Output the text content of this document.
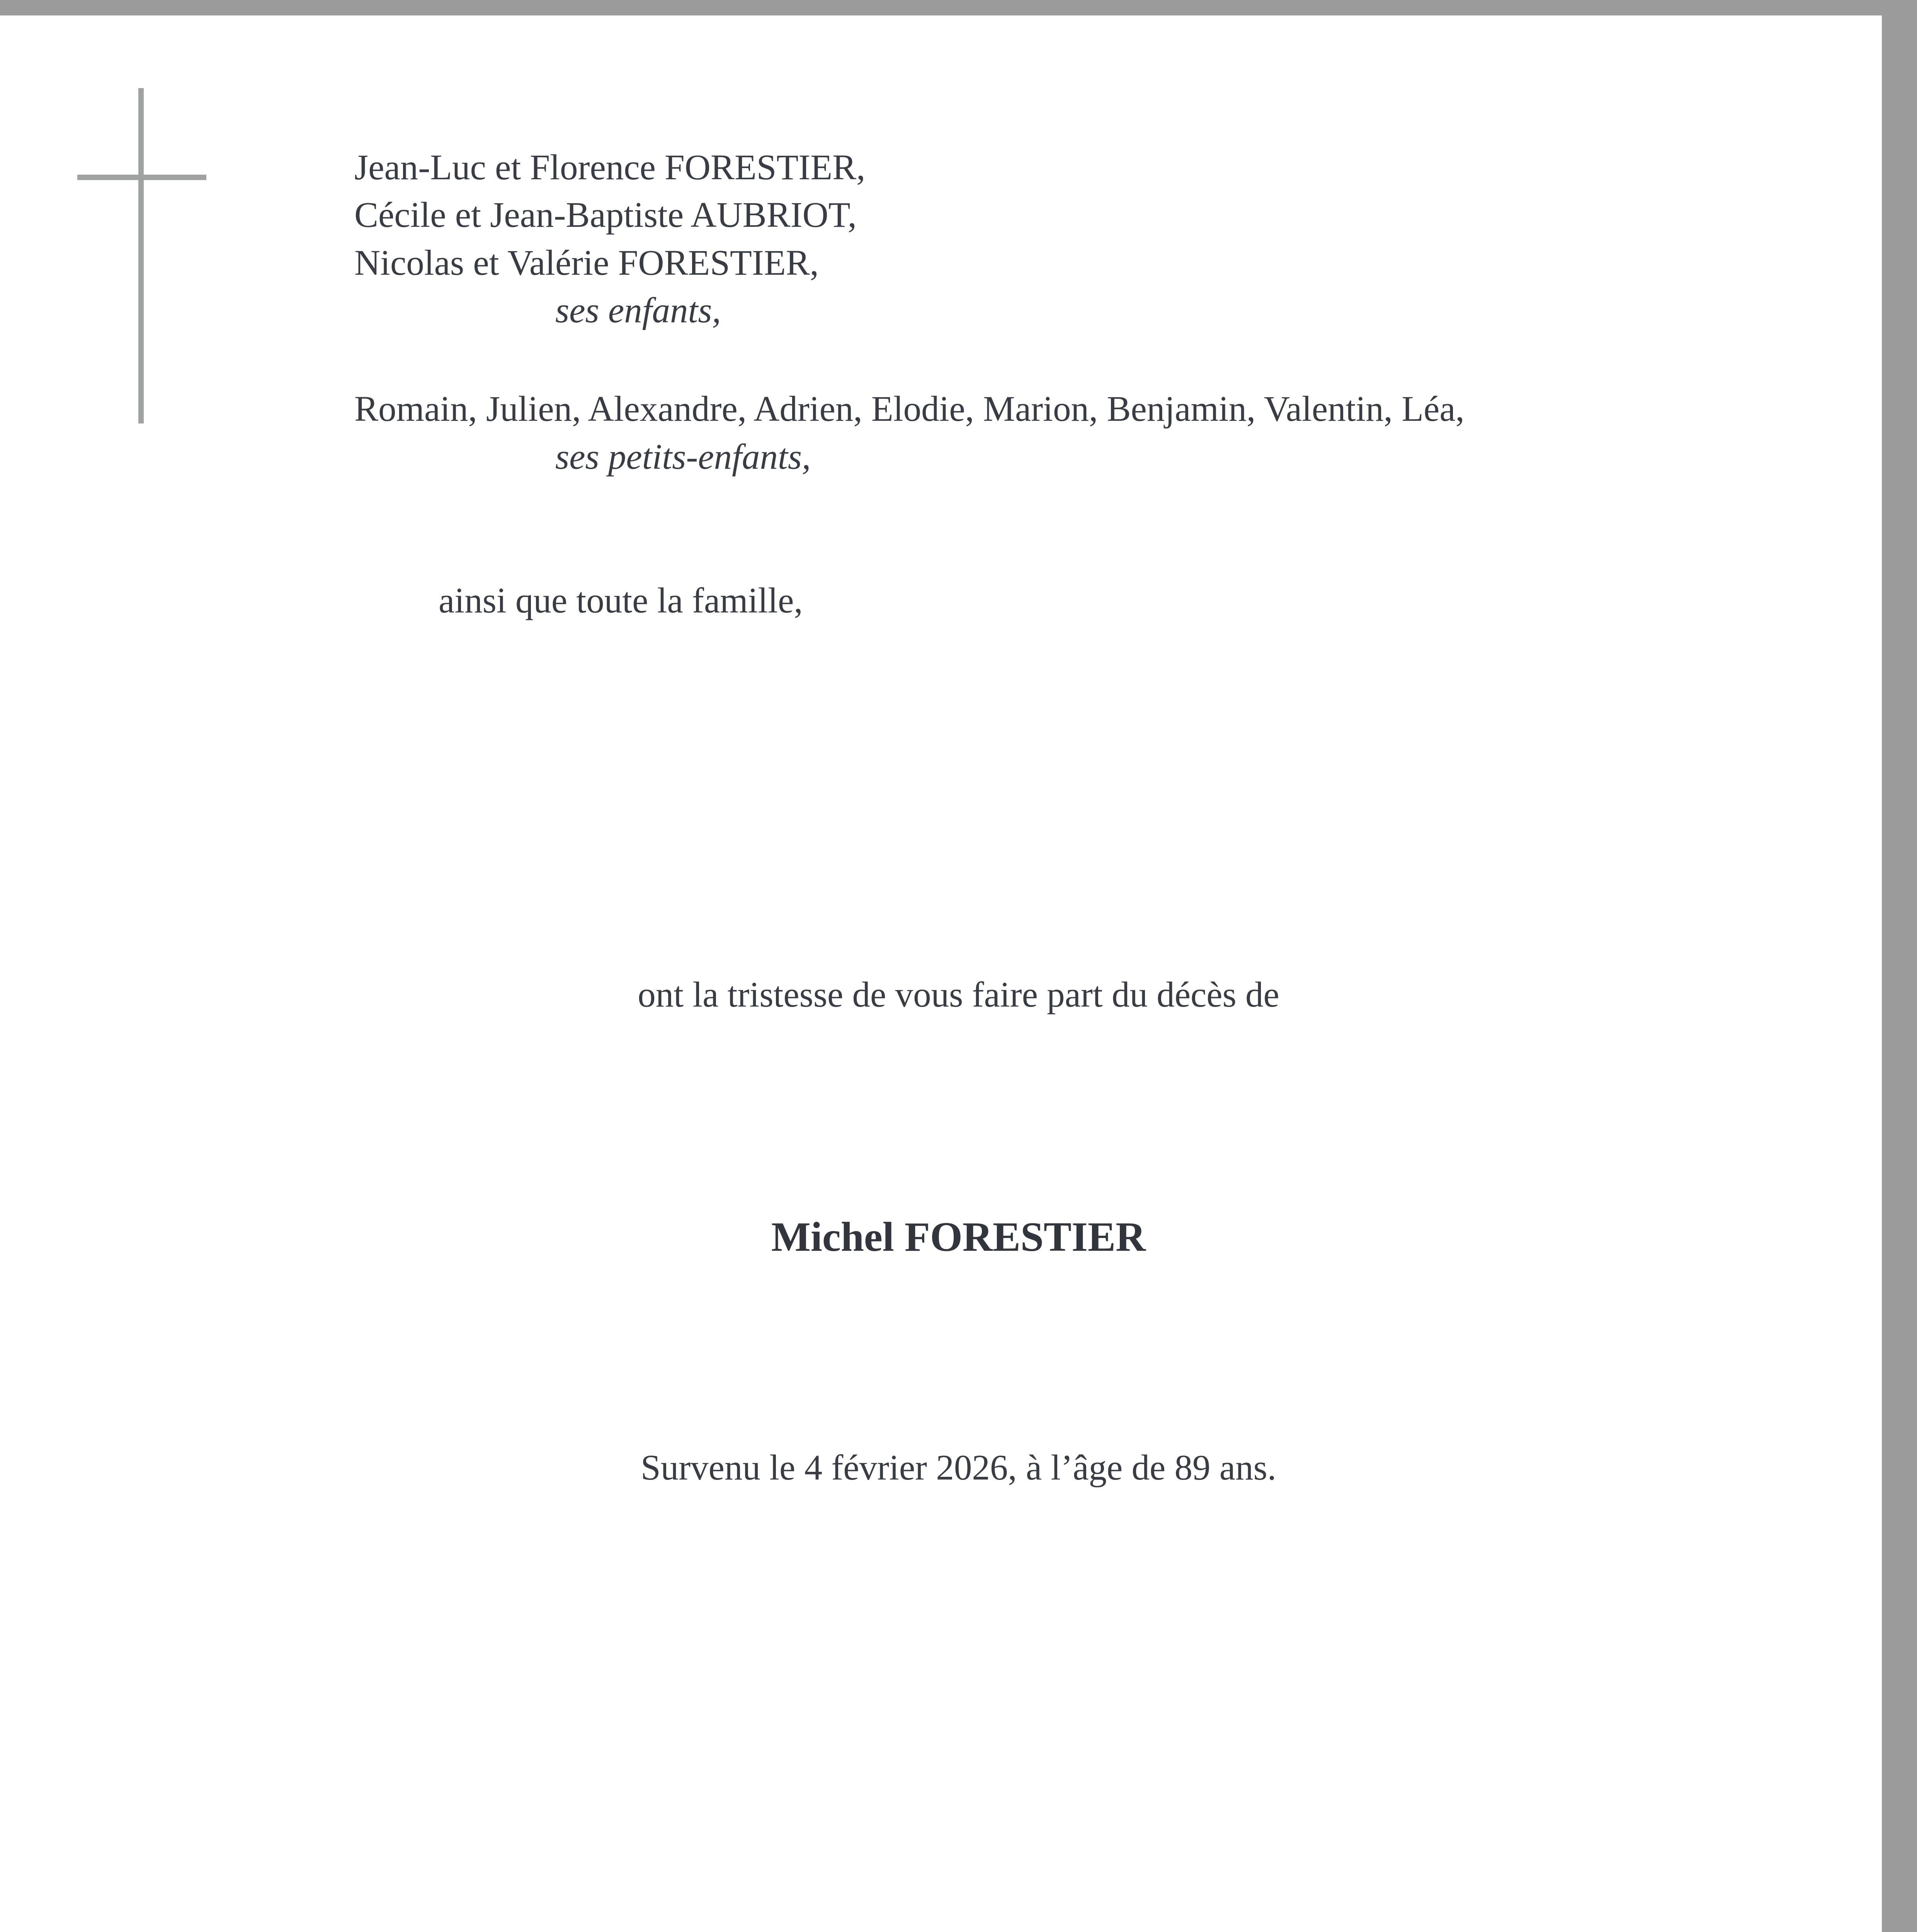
Jean-Luc et Florence FORESTIER,
Cécile et Jean-Baptiste AUBRIOT,
Nicolas et Valérie FORESTIER,
ses enfants,
Romain, Julien, Alexandre, Adrien, Elodie, Marion, Benjamin, Valentin, Léa,
ses petits-enfants,
ainsi que toute la famille,
ont la tristesse de vous faire part du décès de
Michel FORESTIER
Survenu le 4 février 2026, à l’âge de 89 ans.
